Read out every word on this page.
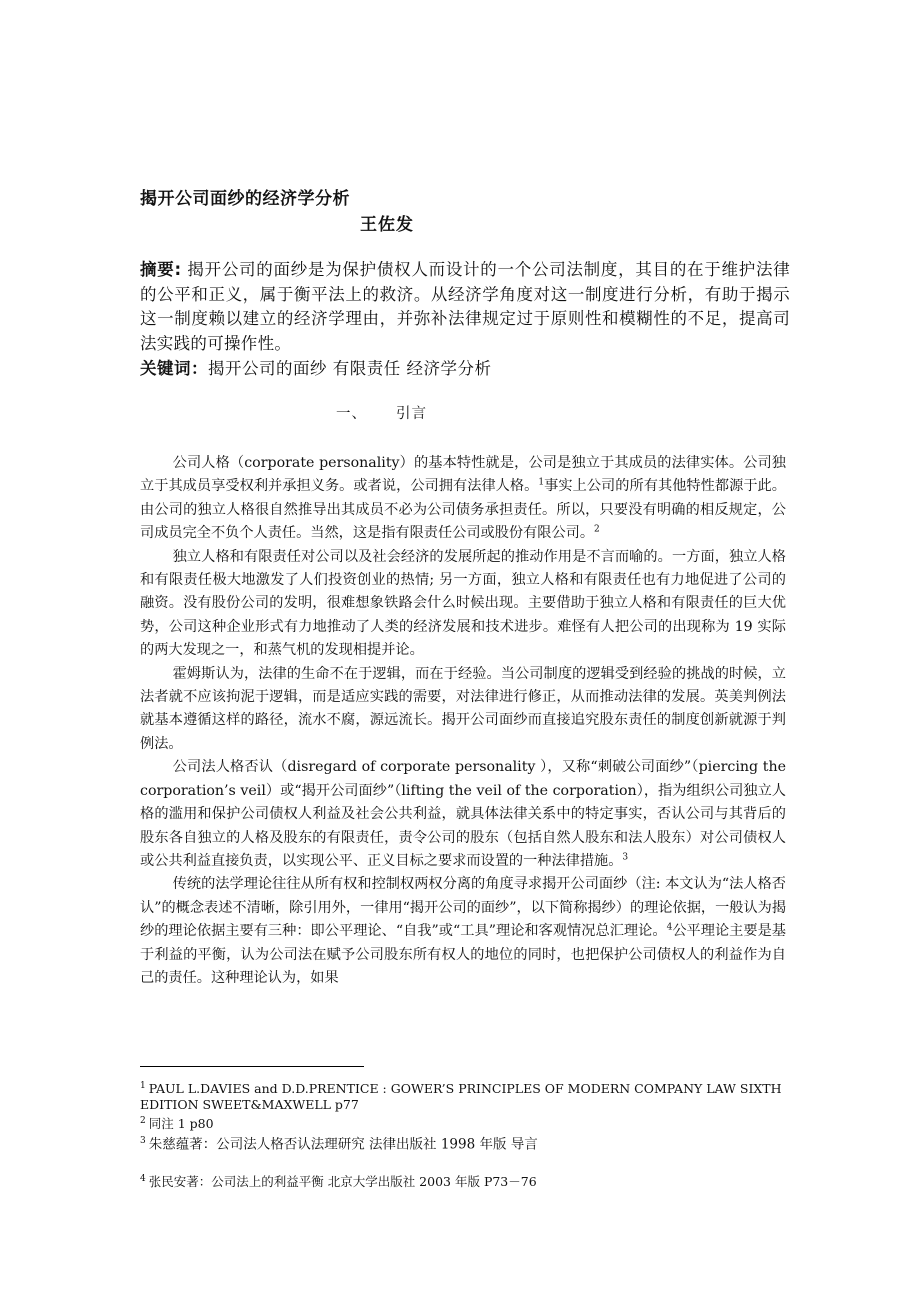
揭开公司面纱的经济学分析
王佐发
摘要: 揭开公司的面纱是为保护债权人而设计的一个公司法制度，其目的在于维护法律的公平和正义，属于衡平法上的救济。从经济学角度对这一制度进行分析，有助于揭示这一制度赖以建立的经济学理由，并弥补法律规定过于原则性和模糊性的不足，提高司法实践的可操作性。
关键词：揭开公司的面纱 有限责任 经济学分析
一、 引言

公司人格（corporate personality）的基本特性就是，公司是独立于其成员的法律实体。公司独立于其成员享受权利并承担义务。或者说，公司拥有法律人格。$^1$事实上公司的所有其他特性都源于此。由公司的独立人格很自然推导出其成员不必为公司债务承担责任。所以，只要没有明确的相反规定，公司成员完全不负个人责任。当然，这是指有限责任公司或股份有限公司。$^2$

独立人格和有限责任对公司以及社会经济的发展所起的推动作用是不言而喻的。一方面，独立人格和有限责任极大地激发了人们投资创业的热情; 另一方面，独立人格和有限责任也有力地促进了公司的融资。没有股份公司的发明，很难想象铁路会什么时候出现。主要借助于独立人格和有限责任的巨大优势，公司这种企业形式有力地推动了人类的经济发展和技术进步。难怪有人把公司的出现称为 19 实际的两大发现之一，和蒸气机的发现相提并论。

霍姆斯认为，法律的生命不在于逻辑，而在于经验。当公司制度的逻辑受到经验的挑战的时候，立法者就不应该拘泥于逻辑，而是适应实践的需要，对法律进行修正，从而推动法律的发展。英美判例法就基本遵循这样的路径，流水不腐，源远流长。揭开公司面纱而直接追究股东责任的制度创新就源于判例法。

公司法人格否认（disregard of corporate personality ），又称“刺破公司面纱”（piercing the corporation’s veil）或“揭开公司面纱”（lifting the veil of the corporation），指为组织公司独立人格的滥用和保护公司债权人利益及社会公共利益，就具体法律关系中的特定事实，否认公司与其背后的股东各自独立的人格及股东的有限责任，责令公司的股东（包括自然人股东和法人股东）对公司债权人或公共利益直接负责，以实现公平、正义目标之要求而设置的一种法律措施。$^3$

传统的法学理论往往从所有权和控制权两权分离的角度寻求揭开公司面纱（注: 本文认为“法人格否认”的概念表述不清晰，除引用外，一律用“揭开公司的面纱”，以下简称揭纱）的理论依据，一般认为揭纱的理论依据主要有三种：即公平理论、“自我”或“工具”理论和客观情况总汇理论。$^4$公平理论主要是基于利益的平衡，认为公司法在赋予公司股东所有权人的地位的同时，也把保护公司债权人的利益作为自己的责任。这种理论认为，如果

$^1$ PAUL L.DAVIES and D.D.PRENTICE : GOWER’S PRINCIPLES OF MODERN COMPANY LAW SIXTH EDITION SWEET&MAXWELL p77
$^2$ 同注 1 p80
$^3$ 朱慈蕴著：公司法人格否认法理研究 法律出版社 1998 年版 导言
$^4$ 张民安著：公司法上的利益平衡 北京大学出版社 2003 年版 P73－76
